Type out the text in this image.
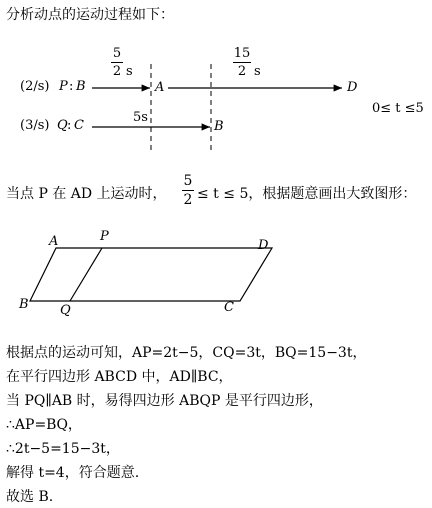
分析动点的运动过程如下：
(2/s) P : B	A	D
(3/s) Q : C	B
5s
5
2 s
15
2 s
0≤ t ≤5
当点 P 在 AD 上运动时，
5
2 ≤ t ≤ 5，根据题意画出大致图形：
A	P
D
B Q	C
根据点的运动可知，AP=2t−5，CQ=3t，BQ=15−3t，
在平行四边形 ABCD 中，AD∥BC，
当 PQ∥AB 时，易得四边形 ABQP 是平行四边形，
∴AP=BQ，
∴2t−5=15−3t，
解得 t=4，符合题意.
故选 B.
